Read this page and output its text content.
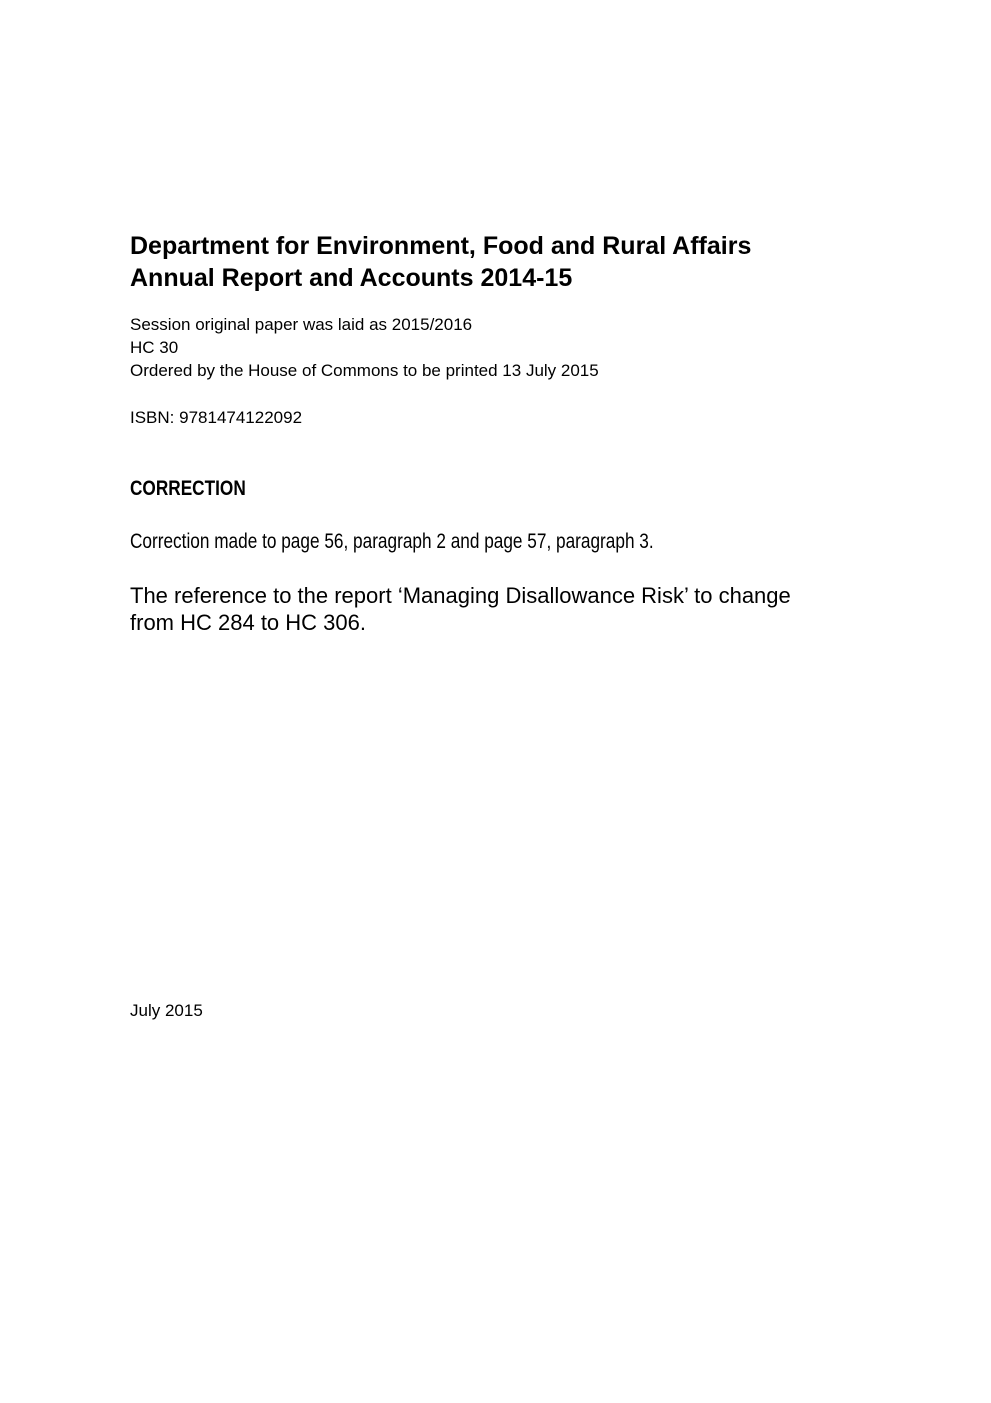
Department for Environment, Food and Rural Affairs

Annual Report and Accounts 2014-15

Session original paper was laid as 2015/2016

HC 30

Ordered by the House of Commons to be printed 13 July 2015

ISBN: 9781474122092

CORRECTION

Correction made to page 56, paragraph 2 and page 57, paragraph 3.

The reference to the report ‘Managing Disallowance Risk’ to change
from HC 284 to HC 306.

July 2015
